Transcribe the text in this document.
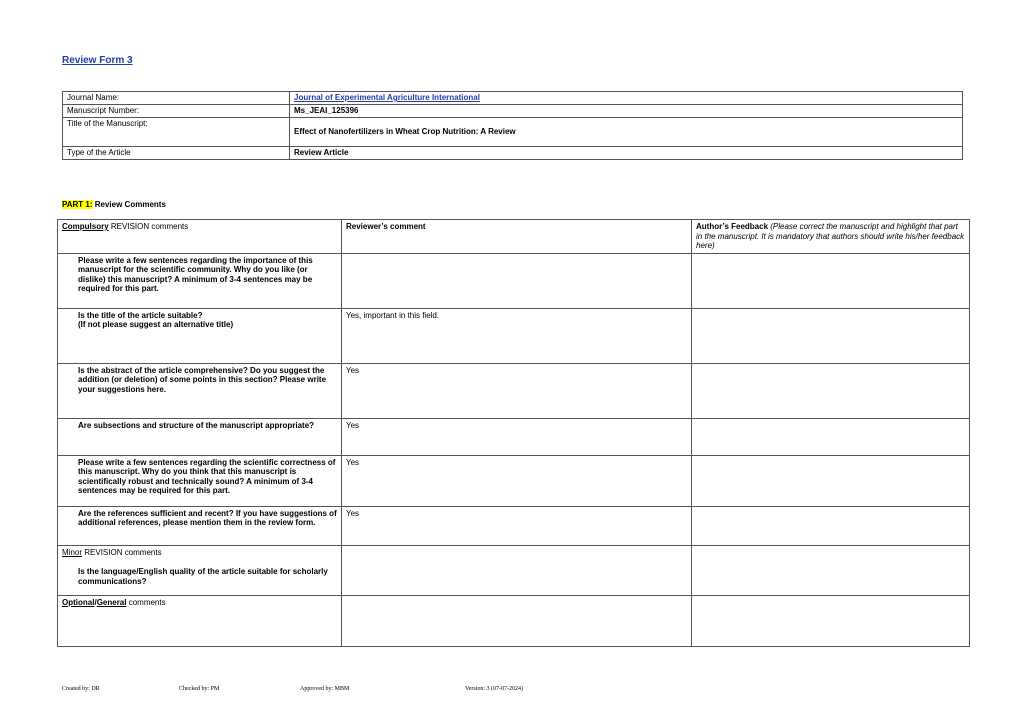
Review Form 3
Journal Name:	Journal of Experimental Agriculture International
Manuscript Number:	Ms_JEAI_125396
Title of the Manuscript:	Effect of Nanofertilizers in Wheat Crop Nutrition: A Review
Type of the Article	Review Article
PART 1: Review Comments
Compulsory REVISION comments	Reviewer’s comment	Author’s Feedback (Please correct the manuscript and highlight that part in the manuscript. It is mandatory that authors should write his/her feedback here)
Please write a few sentences regarding the importance of this manuscript for the scientific community. Why do you like (or dislike) this manuscript? A minimum of 3-4 sentences may be required for this part.		
Is the title of the article suitable?
(If not please suggest an alternative title)	Yes, important in this field.	
Is the abstract of the article comprehensive? Do you suggest the addition (or deletion) of some points in this section? Please write your suggestions here.	Yes	
Are subsections and structure of the manuscript appropriate?	Yes	
Please write a few sentences regarding the scientific correctness of this manuscript. Why do you think that this manuscript is scientifically robust and technically sound? A minimum of 3-4 sentences may be required for this part.	Yes	
Are the references sufficient and recent? If you have suggestions of additional references, please mention them in the review form.	Yes	
Minor REVISION comments
Is the language/English quality of the article suitable for scholarly communications?		

Optional/General comments		
Created by: DR	Checked by: PM	Approved by: MBM	Version: 3 (07-07-2024)
